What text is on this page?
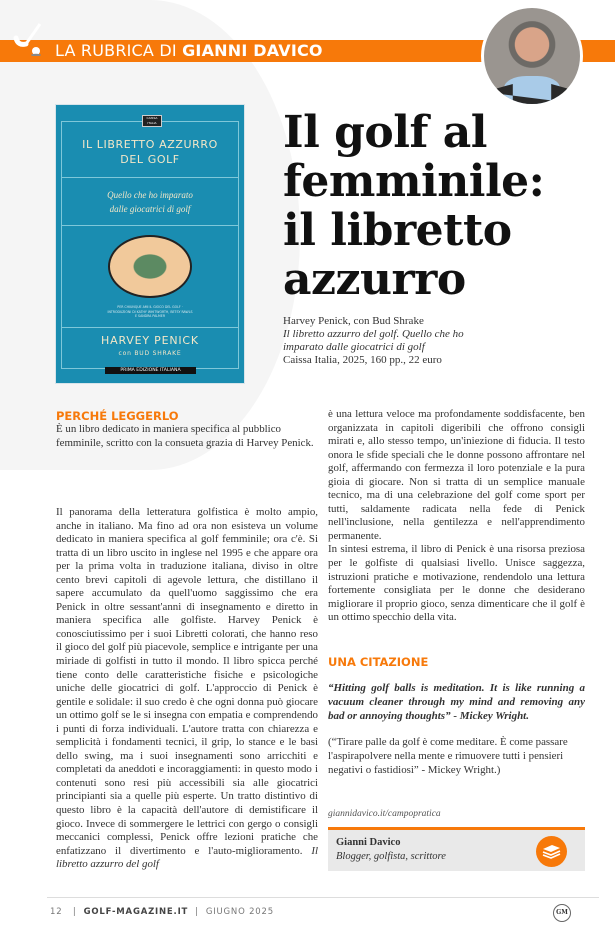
LA RUBRICA DI GIANNI DAVICO
CAISSA ITALIA
IL LIBRETTO AZZURRO DEL GOLF
Quello che ho imparato dalle giocatrici di golf
PER CHIUNQUE AMI IL GIOCO DEL GOLF · INTRODUZIONI DI KATHY WHITWORTH, BETSY RAWLS E SANDRA PALMER
HARVEY PENICK
con BUD SHRAKE
PRIMA EDIZIONE ITALIANA
Il golf al femminile: il libretto azzurro
Harvey Penick, con Bud Shrake
Il libretto azzurro del golf. Quello che ho imparato dalle giocatrici di golf
Caissa Italia, 2025, 160 pp., 22 euro
PERCHÉ LEGGERLO

È un libro dedicato in maniera specifica al pubblico femminile, scritto con la consueta grazia di Harvey Penick.

Il panorama della letteratura golfistica è molto ampio, anche in italiano. Ma fino ad ora non esisteva un volume dedicato in maniera specifica al golf femminile; ora c'è. Si tratta di un libro uscito in inglese nel 1995 e che appare ora per la prima volta in traduzione italiana, diviso in oltre cento brevi capitoli di agevole lettura, che distillano il sapere accumulato da quell'uomo saggissimo che era Penick in oltre sessant'anni di insegnamento e diretto in maniera specifica alle golfiste. Harvey Penick è conosciutissimo per i suoi Libretti colorati, che hanno reso il gioco del golf più piacevole, semplice e intrigante per una miriade di golfisti in tutto il mondo. Il libro spicca perché tiene conto delle caratteristiche fisiche e psicologiche uniche delle giocatrici di golf. L'approccio di Penick è gentile e solidale: il suo credo è che ogni donna può giocare un ottimo golf se le si insegna con empatia e comprendendo i punti di forza individuali. L'autore tratta con chiarezza e semplicità i fondamenti tecnici, il grip, lo stance e le basi dello swing, ma i suoi insegnamenti sono arricchiti e completati da aneddoti e incoraggiamenti: in questo modo i contenuti sono resi più accessibili sia alle giocatrici principianti sia a quelle più esperte. Un tratto distintivo di questo libro è la capacità dell'autore di demistificare il gioco. Invece di sommergere le lettrici con gergo o consigli meccanici complessi, Penick offre lezioni pratiche che enfatizzano il divertimento e l'auto-miglioramento. Il libretto azzurro del golf

è una lettura veloce ma profondamente soddisfacente, ben organizzata in capitoli digeribili che offrono consigli mirati e, allo stesso tempo, un'iniezione di fiducia. Il testo onora le sfide speciali che le donne possono affrontare nel golf, affermando con fermezza il loro potenziale e la pura gioia di giocare. Non si tratta di un semplice manuale tecnico, ma di una celebrazione del golf come sport per tutti, saldamente radicata nella fede di Penick nell'inclusione, nella gentilezza e nell'apprendimento permanente.

In sintesi estrema, il libro di Penick è una risorsa preziosa per le golfiste di qualsiasi livello. Unisce saggezza, istruzioni pratiche e motivazione, rendendolo una lettura fortemente consigliata per le donne che desiderano migliorare il proprio gioco, senza dimenticare che il golf è un ottimo specchio della vita.

UNA CITAZIONE

“Hitting golf balls is meditation. It is like running a vacuum cleaner through my mind and removing any bad or annoying thoughts” - Mickey Wright.

(“Tirare palle da golf è come meditare. È come passare l'aspirapolvere nella mente e rimuovere tutti i pensieri negativi o fastidiosi” - Mickey Wright.)

giannidavico.it/campopratica
Gianni Davico
Blogger, golfista, scrittore
12   |  GOLF-MAGAZINE.IT  |  GIUGNO 2025	GM
